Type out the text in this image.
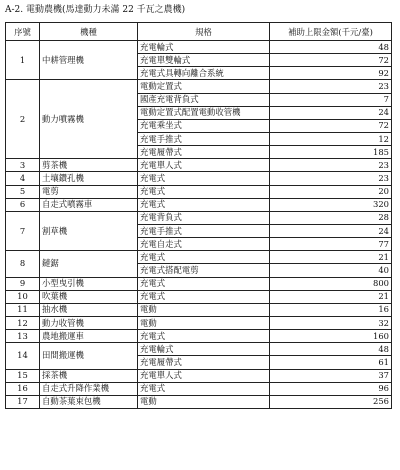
A-2. 電動農機(馬達動力未滿 22 千瓦之農機)
序號	機種	規格	補助上限金額(千元/臺)
1	中耕管理機	充電輪式	48
		充電單雙輪式	72
		充電式具轉向離合系統	92
2	動力噴霧機	電動定置式	23
		國產充電背負式	7
		電動定置式配置電動收管機	24
		充電乘坐式	72
		充電手推式	12
		充電履帶式	185
3	剪茶機	充電單人式	23
4	土壤鑽孔機	充電式	23
5	電剪	充電式	20
6	自走式噴霧車	充電式	320
7	割草機	充電背負式	28
		充電手推式	24
		充電自走式	77
8	鏈鋸	充電式	21
		充電式搭配電剪	40
9	小型曳引機	充電式	800
10	吹葉機	充電式	21
11	抽水機	電動	16
12	動力收管機	電動	32
13	農地搬運車	充電式	160
14	田間搬運機	充電輪式	48
		充電履帶式	61
15	採茶機	充電單人式	37
16	自走式升降作業機	充電式	96
17	自動茶葉束包機	電動	256
